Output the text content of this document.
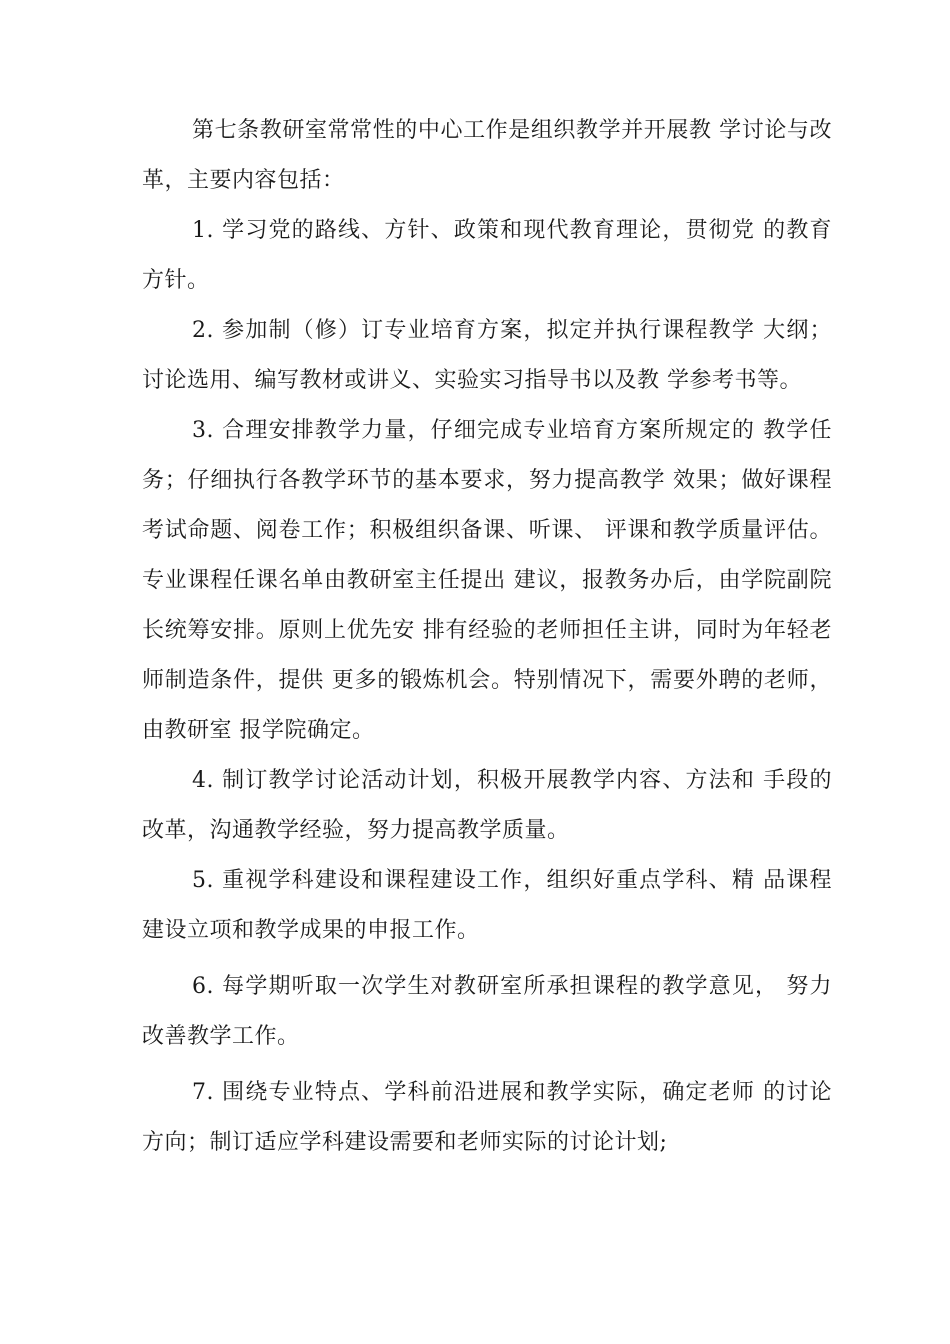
第七条教研室常常性的中心工作是组织教学并开展教 学讨论与改革，主要内容包括：

1. 学习党的路线、方针、政策和现代教育理论，贯彻党 的教育方针。

2. 参加制（修）订专业培育方案，拟定并执行课程教学 大纲；讨论选用、编写教材或讲义、实验实习指导书以及教 学参考书等。

3. 合理安排教学力量，仔细完成专业培育方案所规定的 教学任务；仔细执行各教学环节的基本要求，努力提高教学 效果；做好课程考试命题、阅卷工作；积极组织备课、听课、 评课和教学质量评估。专业课程任课名单由教研室主任提出 建议，报教务办后，由学院副院长统筹安排。原则上优先安 排有经验的老师担任主讲，同时为年轻老师制造条件，提供 更多的锻炼机会。特别情况下，需要外聘的老师，由教研室 报学院确定。

4. 制订教学讨论活动计划，积极开展教学内容、方法和 手段的改革，沟通教学经验，努力提高教学质量。

5. 重视学科建设和课程建设工作，组织好重点学科、精 品课程建设立项和教学成果的申报工作。

6. 每学期听取一次学生对教研室所承担课程的教学意见， 努力改善教学工作。

7. 围绕专业特点、学科前沿进展和教学实际，确定老师 的讨论方向；制订适应学科建设需要和老师实际的讨论计划;
